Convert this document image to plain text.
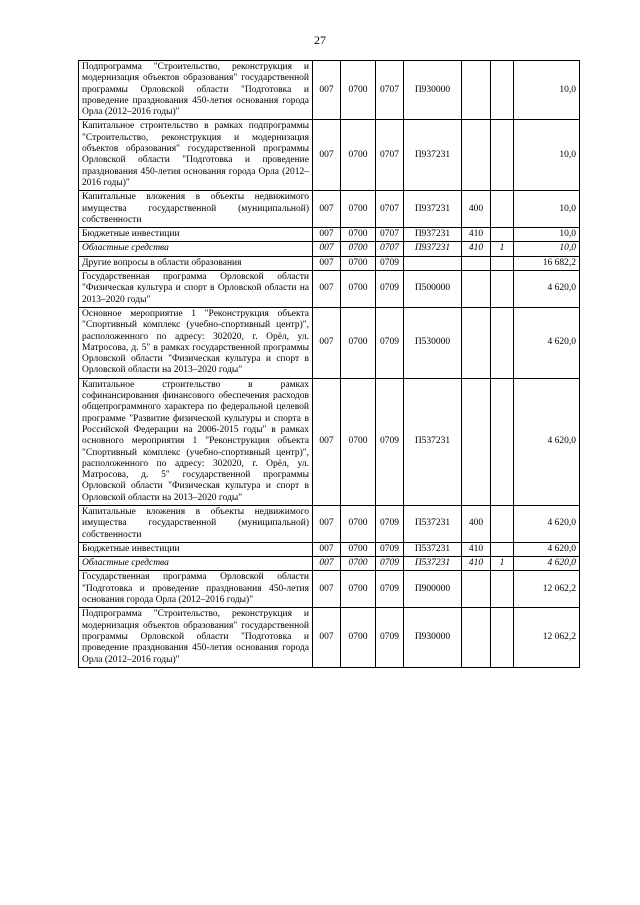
27
Подпрограмма "Строительство, реконструкция и модернизация объектов образования" государственной программы Орловской области "Подготовка и проведение празднования 450-летия основания города Орла (2012–2016 годы)"	007	0700	0707	П930000			10,0
Капитальное строительство в рамках подпрограммы "Строительство, реконструкция и модернизация объектов образования" государственной программы Орловской области "Подготовка и проведение празднования 450-летия основания города Орла (2012–2016 годы)"	007	0700	0707	П937231			10,0
Капитальные вложения в объекты недвижимого имущества государственной (муниципальной) собственности	007	0700	0707	П937231	400		10,0
Бюджетные инвестиции	007	0700	0707	П937231	410		10,0
Областные средства	007	0700	0707	П937231	410	1	10,0
Другие вопросы в области образования	007	0700	0709				16 682,2
Государственная программа Орловской области "Физическая культура и спорт в Орловской области на 2013–2020 годы"	007	0700	0709	П500000			4 620,0
Основное мероприятие 1 "Реконструкция объекта "Спортивный комплекс (учебно-спортивный центр)", расположенного по адресу: 302020, г. Орёл, ул. Матросова, д. 5" в рамках государственной программы Орловской области "Физическая культура и спорт в Орловской области на 2013–2020 годы"	007	0700	0709	П530000			4 620,0
Капитальное строительство в рамках софинансирования финансового обеспечения расходов общепрограммного характера по федеральной целевой программе "Развитие физической культуры и спорта в Российской Федерации на 2006-2015 годы" в рамках основного мероприятия 1 "Реконструкция объекта "Спортивный комплекс (учебно-спортивный центр)", расположенного по адресу: 302020, г. Орёл, ул. Матросова, д. 5" государственной программы Орловской области "Физическая культура и спорт в Орловской области на 2013–2020 годы"	007	0700	0709	П537231			4 620,0
Капитальные вложения в объекты недвижимого имущества государственной (муниципальной) собственности	007	0700	0709	П537231	400		4 620,0
Бюджетные инвестиции	007	0700	0709	П537231	410		4 620,0
Областные средства	007	0700	0709	П537231	410	1	4 620,0
Государственная программа Орловской области "Подготовка и проведение празднования 450-летия основания города Орла (2012–2016 годы)"	007	0700	0709	П900000			12 062,2
Подпрограмма "Строительство, реконструкция и модернизация объектов образования" государственной программы Орловской области "Подготовка и проведение празднования 450-летия основания города Орла (2012–2016 годы)"	007	0700	0709	П930000			12 062,2
